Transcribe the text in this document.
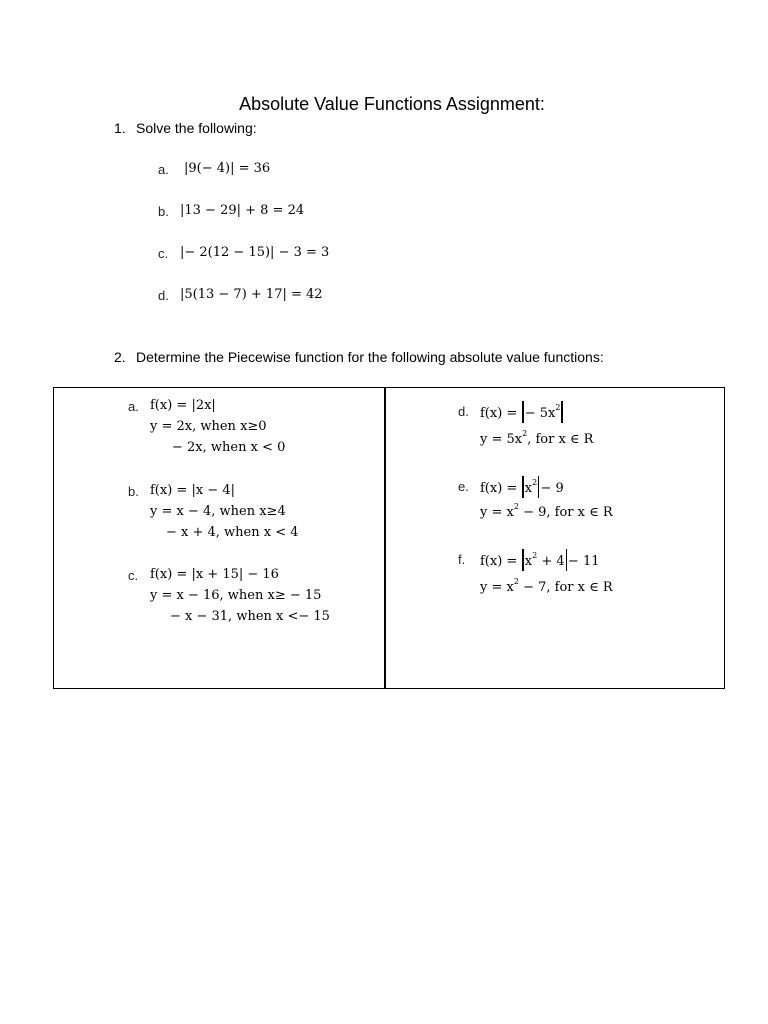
Absolute Value Functions Assignment:
1. Solve the following:
a. |9(− 4)| = 36
b. |13 − 29| + 8 = 24
c. |− 2(12 − 15)| − 3 = 3
d. |5(13 − 7) + 17| = 42
2. Determine the Piecewise function for the following absolute value functions:
a. f(x) = |2x|
y = 2x, when x≥0
− 2x, when x < 0
b. f(x) = |x − 4|
y = x − 4, when x≥4
− x + 4, when x < 4
c. f(x) = |x + 15| − 16
y = x − 16, when x≥ − 15
− x − 31, when x <− 15
d. f(x) = − $5x^2$
$y = 5x^2$, for x ∈ R
e. $f(x) = x^2 - 9$
$y = x^2 - 9$, for x ∈ R
f. $f(x) = x^2 + 4 - 11$
$y = x^2 - 7$, for x ∈ R
